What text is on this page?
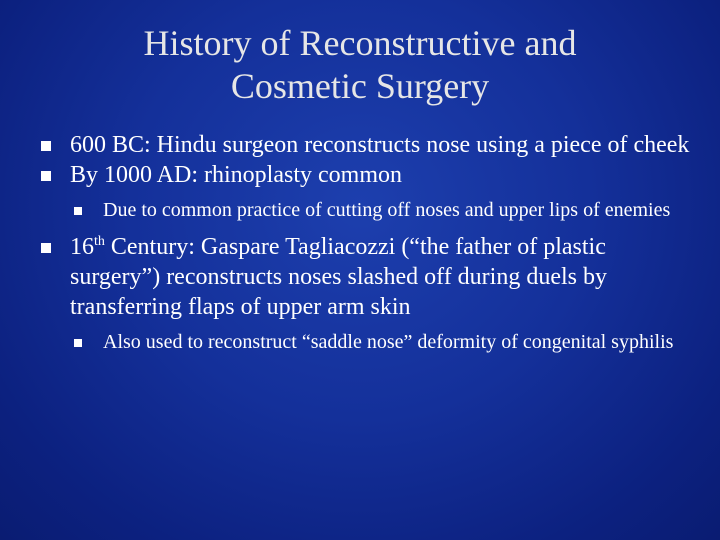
History of Reconstructive and
Cosmetic Surgery
600 BC: Hindu surgeon reconstructs nose using a piece of cheek
By 1000 AD: rhinoplasty common
Due to common practice of cutting off noses and upper lips of enemies
16th Century: Gaspare Tagliacozzi (“the father of plastic surgery”) reconstructs noses slashed off during duels by transferring flaps of upper arm skin
Also used to reconstruct “saddle nose” deformity of congenital syphilis
